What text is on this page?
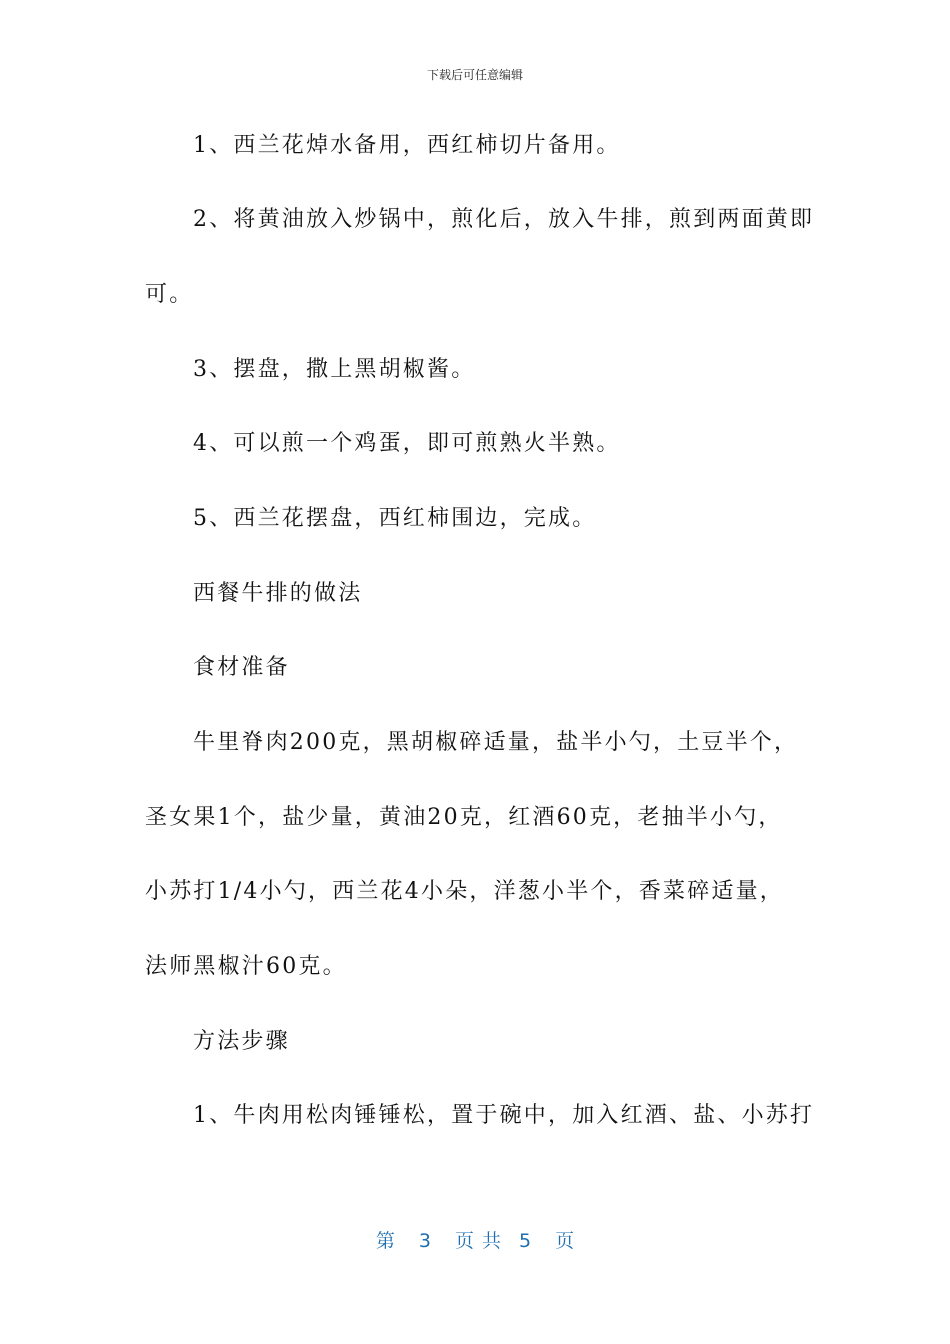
下载后可任意编辑
1、西兰花焯水备用，西红柿切片备用。
2、将黄油放入炒锅中，煎化后，放入牛排，煎到两面黄即
可。
3、摆盘，撒上黑胡椒酱。
4、可以煎一个鸡蛋，即可煎熟火半熟。
5、西兰花摆盘，西红柿围边，完成。
西餐牛排的做法
食材准备
牛里脊肉200克，黑胡椒碎适量，盐半小勺，土豆半个，
圣女果1个，盐少量，黄油20克，红酒60克，老抽半小勺，
小苏打1/4小勺，西兰花4小朵，洋葱小半个，香菜碎适量，
法师黑椒汁60克。
方法步骤
1、牛肉用松肉锤锤松，置于碗中，加入红酒、盐、小苏打
第 3 页共 5 页
